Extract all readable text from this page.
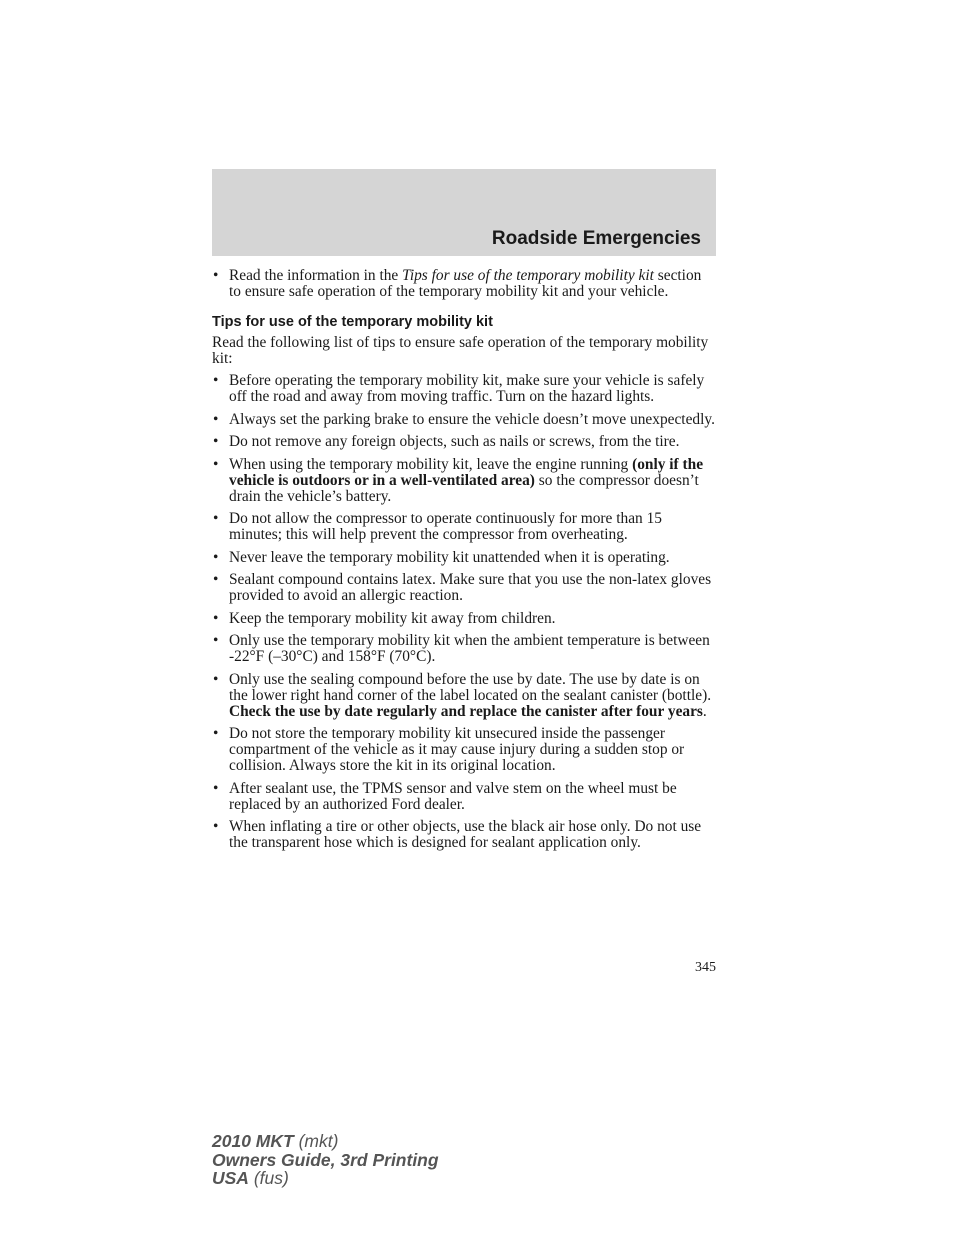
Roadside Emergencies
• Read the information in the Tips for use of the temporary mobility kit section to ensure safe operation of the temporary mobility kit and your vehicle.
Tips for use of the temporary mobility kit

Read the following list of tips to ensure safe operation of the temporary mobility kit:

• Before operating the temporary mobility kit, make sure your vehicle is safely off the road and away from moving traffic. Turn on the hazard lights.
• Always set the parking brake to ensure the vehicle doesn’t move unexpectedly.
• Do not remove any foreign objects, such as nails or screws, from the tire.
• When using the temporary mobility kit, leave the engine running (only if the vehicle is outdoors or in a well-ventilated area) so the compressor doesn’t drain the vehicle’s battery.
• Do not allow the compressor to operate continuously for more than 15 minutes; this will help prevent the compressor from overheating.
• Never leave the temporary mobility kit unattended when it is operating.
• Sealant compound contains latex. Make sure that you use the non-latex gloves provided to avoid an allergic reaction.
• Keep the temporary mobility kit away from children.
• Only use the temporary mobility kit when the ambient temperature is between -22°F (–30°C) and 158°F (70°C).
• Only use the sealing compound before the use by date. The use by date is on the lower right hand corner of the label located on the sealant canister (bottle). Check the use by date regularly and replace the canister after four years.
• Do not store the temporary mobility kit unsecured inside the passenger compartment of the vehicle as it may cause injury during a sudden stop or collision. Always store the kit in its original location.
• After sealant use, the TPMS sensor and valve stem on the wheel must be replaced by an authorized Ford dealer.
• When inflating a tire or other objects, use the black air hose only. Do not use the transparent hose which is designed for sealant application only.
345
2010 MKT (mkt)
Owners Guide, 3rd Printing
USA (fus)
